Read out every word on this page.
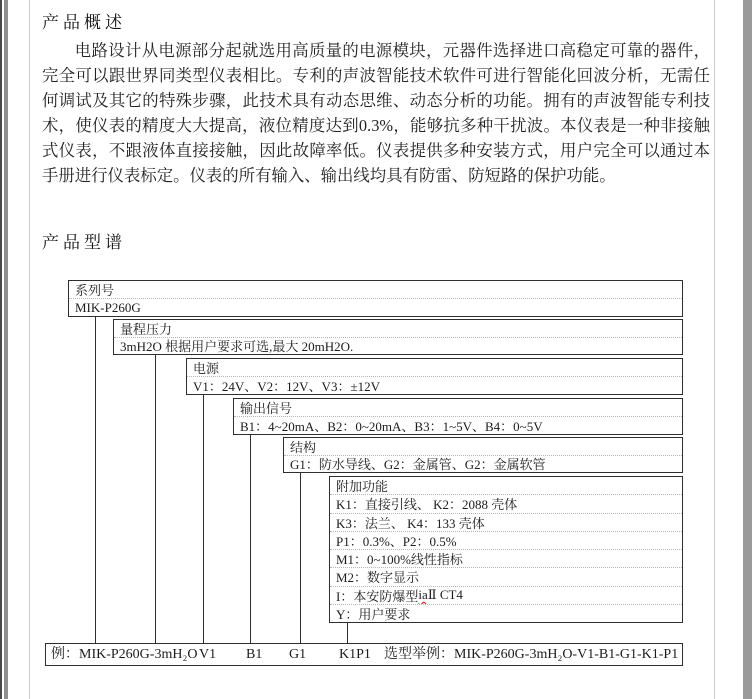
产品概述
电路设计从电源部分起就选用高质量的电源模块，元器件选择进口高稳定可靠的器件，完全可以跟世界同类型仪表相比。专利的声波智能技术软件可进行智能化回波分析，无需任何调试及其它的特殊步骤，此技术具有动态思维、动态分析的功能。拥有的声波智能专利技术，使仪表的精度大大提高，液位精度达到0.3%，能够抗多种干扰波。本仪表是一种非接触式仪表，不跟液体直接接触，因此故障率低。仪表提供多种安装方式，用户完全可以通过本手册进行仪表标定。仪表的所有输入、输出线均具有防雷、防短路的保护功能。
产品型谱
系列号
MIK-P260G
量程压力
3mH2O 根据用户要求可选,最大 20mH2O.
电源
V1：24V、V2：12V、V3：±12V
输出信号
B1：4~20mA、B2：0~20mA、B3：1~5V、B4：0~5V
结构
G1：防水导线、G2：金属管、G2：金属软管
附加功能
K1：直接引线、 K2：2088 壳体
K3：法兰、 K4：133 壳体
P1：0.3%、P2：0.5%
M1：0~100%线性指标
M2：数字显示
I：本安防爆型 ia Ⅱ CT4
Y：用户要求
例：MIK-P260G-3mH₂O V1 B1 G1 K1P1 选型举例：MIK-P260G-3mH₂O-V1-B1-G1-K1-P1
